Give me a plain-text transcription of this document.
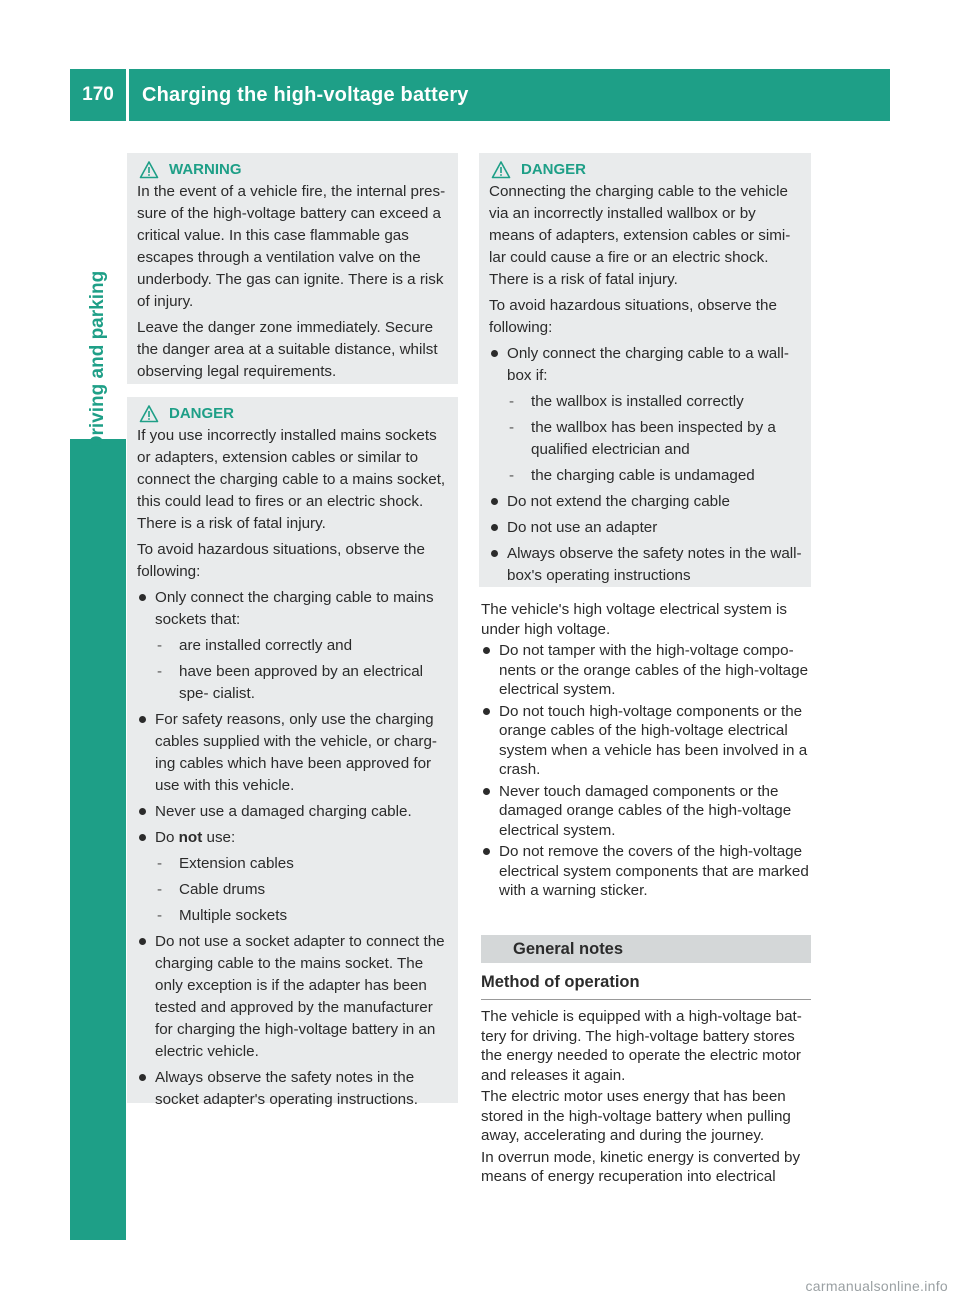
170	Charging the high-voltage battery
Driving and parking
WARNING

In the event of a vehicle fire, the internal pres- sure of the high-voltage battery can exceed a critical value. In this case flammable gas escapes through a ventilation valve on the underbody. The gas can ignite. There is a risk of injury.

Leave the danger zone immediately. Secure the danger area at a suitable distance, whilst observing legal requirements.

DANGER

If you use incorrectly installed mains sockets or adapters, extension cables or similar to connect the charging cable to a mains socket, this could lead to fires or an electric shock. There is a risk of fatal injury.

To avoid hazardous situations, observe the following:

Only connect the charging cable to mains sockets that:
- are installed correctly and
- have been approved by an electrical spe- cialist.
For safety reasons, only use the charging cables supplied with the vehicle, or charg- ing cables which have been approved for use with this vehicle.
Never use a damaged charging cable.
Do not use:
- Extension cables
- Cable drums
- Multiple sockets
Do not use a socket adapter to connect the charging cable to the mains socket. The only exception is if the adapter has been tested and approved by the manufacturer for charging the high-voltage battery in an electric vehicle.
Always observe the safety notes in the socket adapter's operating instructions.
DANGER

Connecting the charging cable to the vehicle via an incorrectly installed wallbox or by means of adapters, extension cables or simi- lar could cause a fire or an electric shock. There is a risk of fatal injury.

To avoid hazardous situations, observe the following:

Only connect the charging cable to a wall- box if:
- the wallbox is installed correctly
- the wallbox has been inspected by a qualified electrician and
- the charging cable is undamaged
Do not extend the charging cable
Do not use an adapter
Always observe the safety notes in the wall- box's operating instructions

The vehicle's high voltage electrical system is under high voltage.

Do not tamper with the high-voltage compo- nents or the orange cables of the high-voltage electrical system.
Do not touch high-voltage components or the orange cables of the high-voltage electrical system when a vehicle has been involved in a crash.
Never touch damaged components or the damaged orange cables of the high-voltage electrical system.
Do not remove the covers of the high-voltage electrical system components that are marked with a warning sticker.
General notes
Method of operation

The vehicle is equipped with a high-voltage bat- tery for driving. The high-voltage battery stores the energy needed to operate the electric motor and releases it again.

The electric motor uses energy that has been stored in the high-voltage battery when pulling away, accelerating and during the journey.

In overrun mode, kinetic energy is converted by means of energy recuperation into electrical

carmanualsonline.info
